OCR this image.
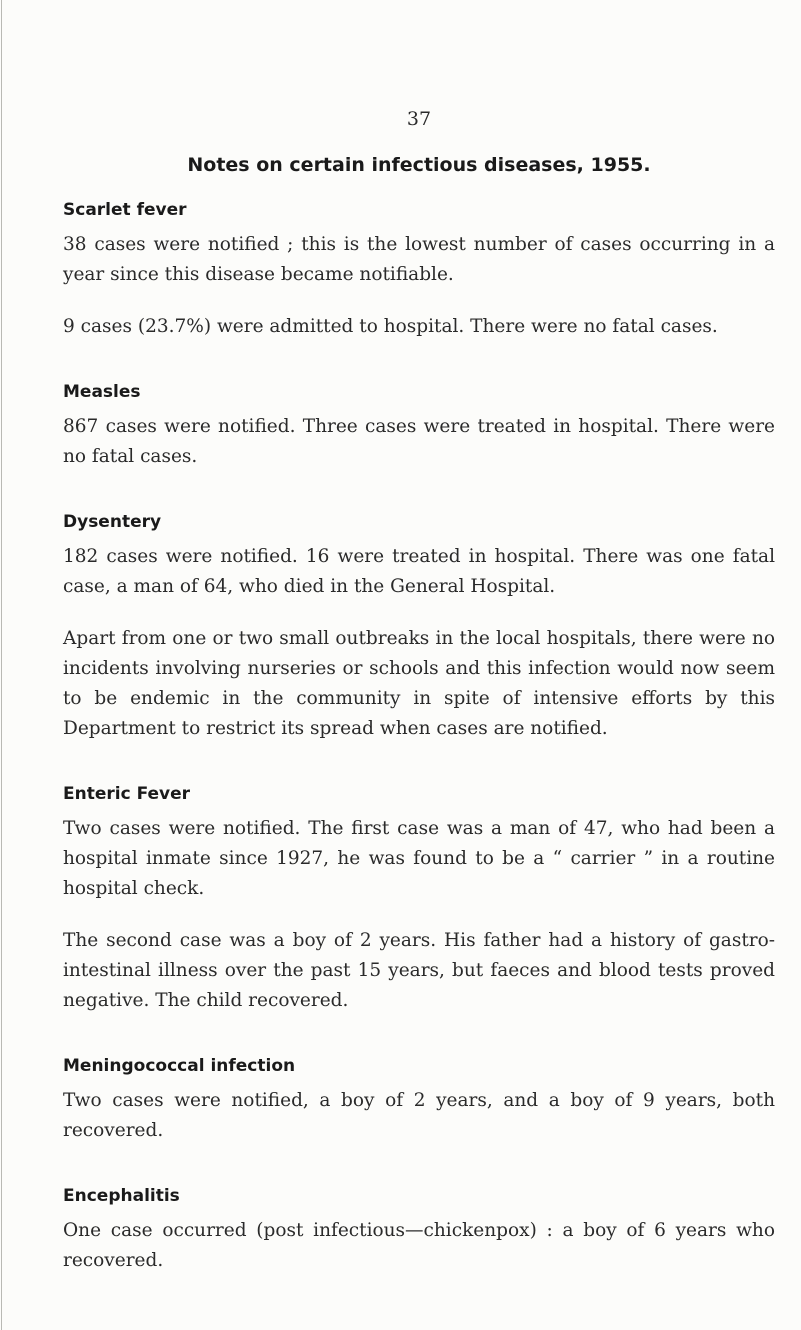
37
Notes on certain infectious diseases, 1955.
Scarlet fever

38 cases were notified ; this is the lowest number of cases occurring in a year since this disease became notifiable.

9 cases (23.7%) were admitted to hospital. There were no fatal cases.

Measles

867 cases were notified. Three cases were treated in hospital. There were no fatal cases.

Dysentery

182 cases were notified. 16 were treated in hospital. There was one fatal case, a man of 64, who died in the General Hospital.

Apart from one or two small outbreaks in the local hospitals, there were no incidents involving nurseries or schools and this infection would now seem to be endemic in the community in spite of intensive efforts by this Department to restrict its spread when cases are notified.

Enteric Fever

Two cases were notified. The first case was a man of 47, who had been a hospital inmate since 1927, he was found to be a “ carrier ” in a routine hospital check.

The second case was a boy of 2 years. His father had a history of gastro-intestinal illness over the past 15 years, but faeces and blood tests proved negative. The child recovered.

Meningococcal infection

Two cases were notified, a boy of 2 years, and a boy of 9 years, both recovered.

Encephalitis

One case occurred (post infectious—chickenpox) : a boy of 6 years who recovered.
